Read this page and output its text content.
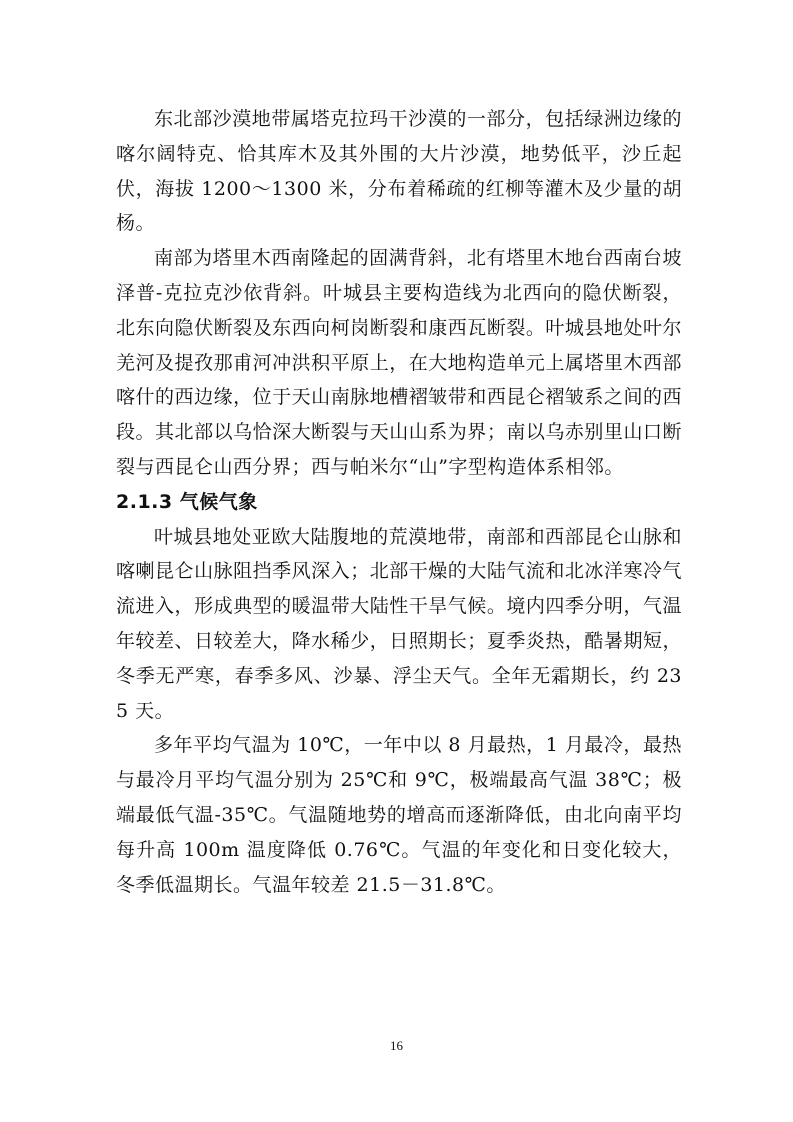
东北部沙漠地带属塔克拉玛干沙漠的一部分，包括绿洲边缘的喀尔阔特克、恰其库木及其外围的大片沙漠，地势低平，沙丘起伏，海拔 1200～1300 米，分布着稀疏的红柳等灌木及少量的胡杨。

南部为塔里木西南隆起的固满背斜，北有塔里木地台西南台坡泽普-克拉克沙依背斜。叶城县主要构造线为北西向的隐伏断裂，北东向隐伏断裂及东西向柯岗断裂和康西瓦断裂。叶城县地处叶尔羌河及提孜那甫河冲洪积平原上，在大地构造单元上属塔里木西部喀什的西边缘，位于天山南脉地槽褶皱带和西昆仑褶皱系之间的西段。其北部以乌恰深大断裂与天山山系为界；南以乌赤别里山口断裂与西昆仑山西分界；西与帕米尔“山”字型构造体系相邻。

2.1.3 气候气象

叶城县地处亚欧大陆腹地的荒漠地带，南部和西部昆仑山脉和喀喇昆仑山脉阻挡季风深入；北部干燥的大陆气流和北冰洋寒冷气流进入，形成典型的暖温带大陆性干旱气候。境内四季分明，气温年较差、日较差大，降水稀少，日照期长；夏季炎热，酷暑期短，冬季无严寒，春季多风、沙暴、浮尘天气。全年无霜期长，约 235 天。

多年平均气温为 10℃，一年中以 8 月最热，1 月最冷，最热与最冷月平均气温分别为 25℃和 9℃，极端最高气温 38℃；极端最低气温-35℃。气温随地势的增高而逐渐降低，由北向南平均每升高 100m 温度降低 0.76℃。气温的年变化和日变化较大，冬季低温期长。气温年较差 21.5－31.8℃。

16
